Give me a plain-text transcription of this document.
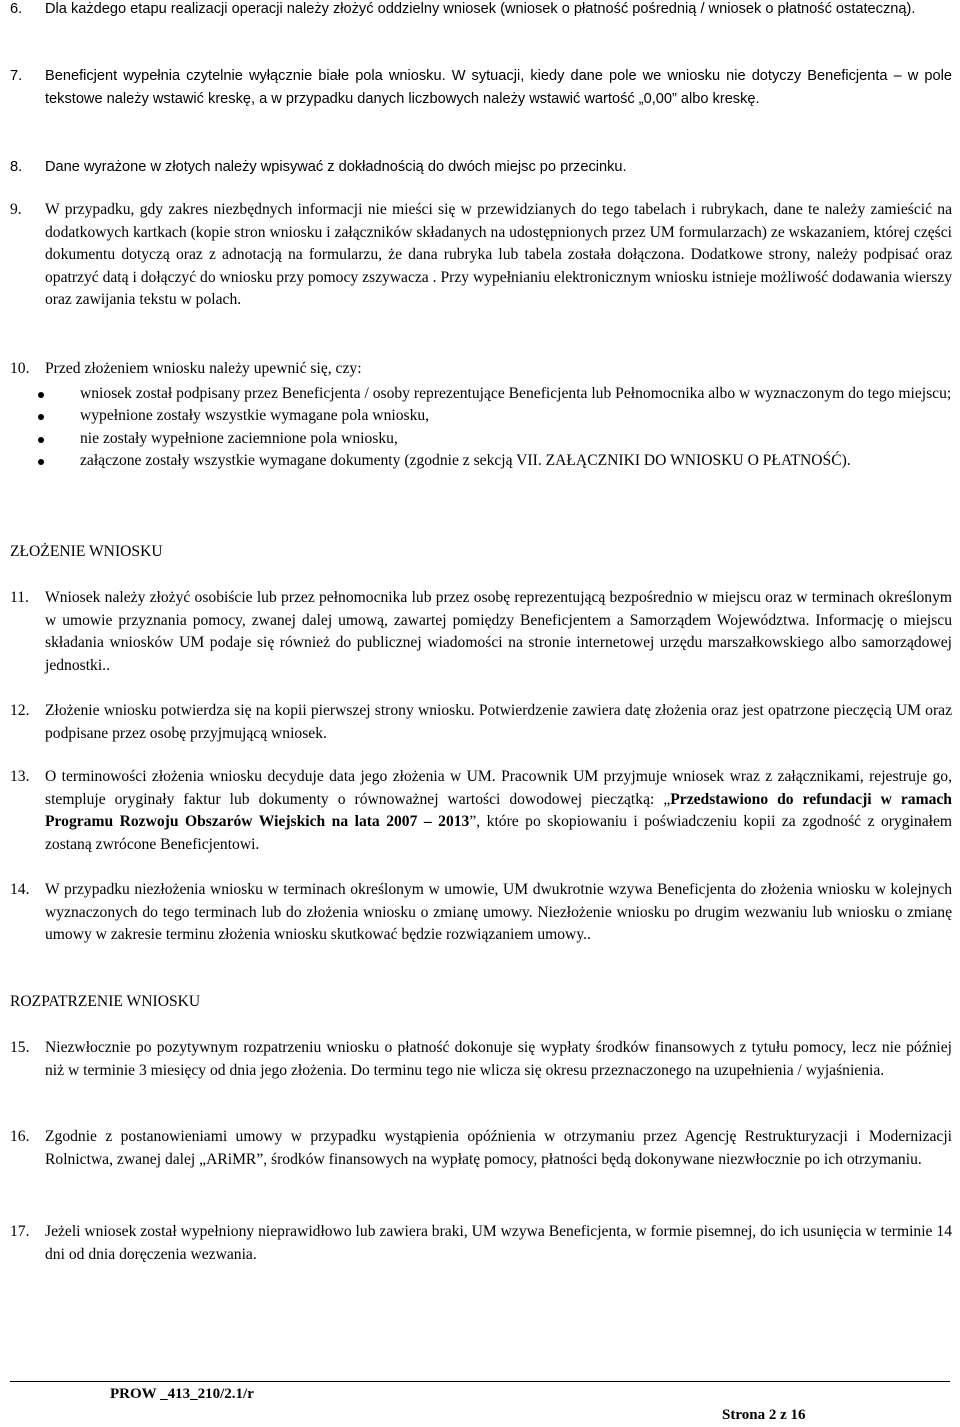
6. Dla każdego etapu realizacji operacji należy złożyć oddzielny wniosek (wniosek o płatność pośrednią / wniosek o płatność ostateczną).
7. Beneficjent wypełnia czytelnie wyłącznie białe pola wniosku. W sytuacji, kiedy dane pole we wniosku nie dotyczy Beneficjenta – w pole tekstowe należy wstawić kreskę, a w przypadku danych liczbowych należy wstawić wartość „0,00” albo kreskę.
8. Dane wyrażone w złotych należy wpisywać z dokładnością do dwóch miejsc po przecinku.
9. W przypadku, gdy zakres niezbędnych informacji nie mieści się w przewidzianych do tego tabelach i rubrykach, dane te należy zamieścić na dodatkowych kartkach (kopie stron wniosku i załączników składanych na udostępnionych przez UM formularzach) ze wskazaniem, której części dokumentu dotyczą oraz z adnotacją na formularzu, że dana rubryka lub tabela została dołączona. Dodatkowe strony, należy podpisać oraz opatrzyć datą i dołączyć do wniosku przy pomocy zszywacza . Przy wypełnianiu elektronicznym wniosku istnieje możliwość dodawania wierszy oraz zawijania tekstu w polach.
10. Przed złożeniem wniosku należy upewnić się, czy:
wniosek został podpisany przez Beneficjenta / osoby reprezentujące Beneficjenta lub Pełnomocnika albo w wyznaczonym do tego miejscu;
wypełnione zostały wszystkie wymagane pola wniosku,
nie zostały wypełnione zaciemnione pola wniosku,
załączone zostały wszystkie wymagane dokumenty (zgodnie z sekcją VII. ZAŁĄCZNIKI DO WNIOSKU O PŁATNOŚĆ).
ZŁOŻENIE WNIOSKU
11. Wniosek należy złożyć osobiście lub przez pełnomocnika lub przez osobę reprezentującą bezpośrednio w miejscu oraz w terminach określonym w umowie przyznania pomocy, zwanej dalej umową, zawartej pomiędzy Beneficjentem a Samorządem Województwa. Informację o miejscu składania wniosków UM podaje się również do publicznej wiadomości na stronie internetowej urzędu marszałkowskiego albo samorządowej jednostki..
12. Złożenie wniosku potwierdza się na kopii pierwszej strony wniosku. Potwierdzenie zawiera datę złożenia oraz jest opatrzone pieczęcią UM oraz podpisane przez osobę przyjmującą wniosek.
13. O terminowości złożenia wniosku decyduje data jego złożenia w UM. Pracownik UM przyjmuje wniosek wraz z załącznikami, rejestruje go, stempluje oryginały faktur lub dokumenty o równoważnej wartości dowodowej pieczątką: „Przedstawiono do refundacji w ramach Programu Rozwoju Obszarów Wiejskich na lata 2007 – 2013”, które po skopiowaniu i poświadczeniu kopii za zgodność z oryginałem zostaną zwrócone Beneficjentowi.
14. W przypadku niezłożenia wniosku w terminach określonym w umowie, UM dwukrotnie wzywa Beneficjenta do złożenia wniosku w kolejnych wyznaczonych do tego terminach lub do złożenia wniosku o zmianę umowy. Niezłożenie wniosku po drugim wezwaniu lub wniosku o zmianę umowy w zakresie terminu złożenia wniosku skutkować będzie rozwiązaniem umowy..
ROZPATRZENIE WNIOSKU
15. Niezwłocznie po pozytywnym rozpatrzeniu wniosku o płatność dokonuje się wypłaty środków finansowych z tytułu pomocy, lecz nie później niż w terminie 3 miesięcy od dnia jego złożenia. Do terminu tego nie wlicza się okresu przeznaczonego na uzupełnienia / wyjaśnienia.
16. Zgodnie z postanowieniami umowy w przypadku wystąpienia opóźnienia w otrzymaniu przez Agencję Restrukturyzacji i Modernizacji Rolnictwa, zwanej dalej „ARiMR”, środków finansowych na wypłatę pomocy, płatności będą dokonywane niezwłocznie po ich otrzymaniu.
17. Jeżeli wniosek został wypełniony nieprawidłowo lub zawiera braki, UM wzywa Beneficjenta, w formie pisemnej, do ich usunięcia w terminie 14 dni od dnia doręczenia wezwania.
PROW _413_210/2.1/r
Strona 2 z 16
